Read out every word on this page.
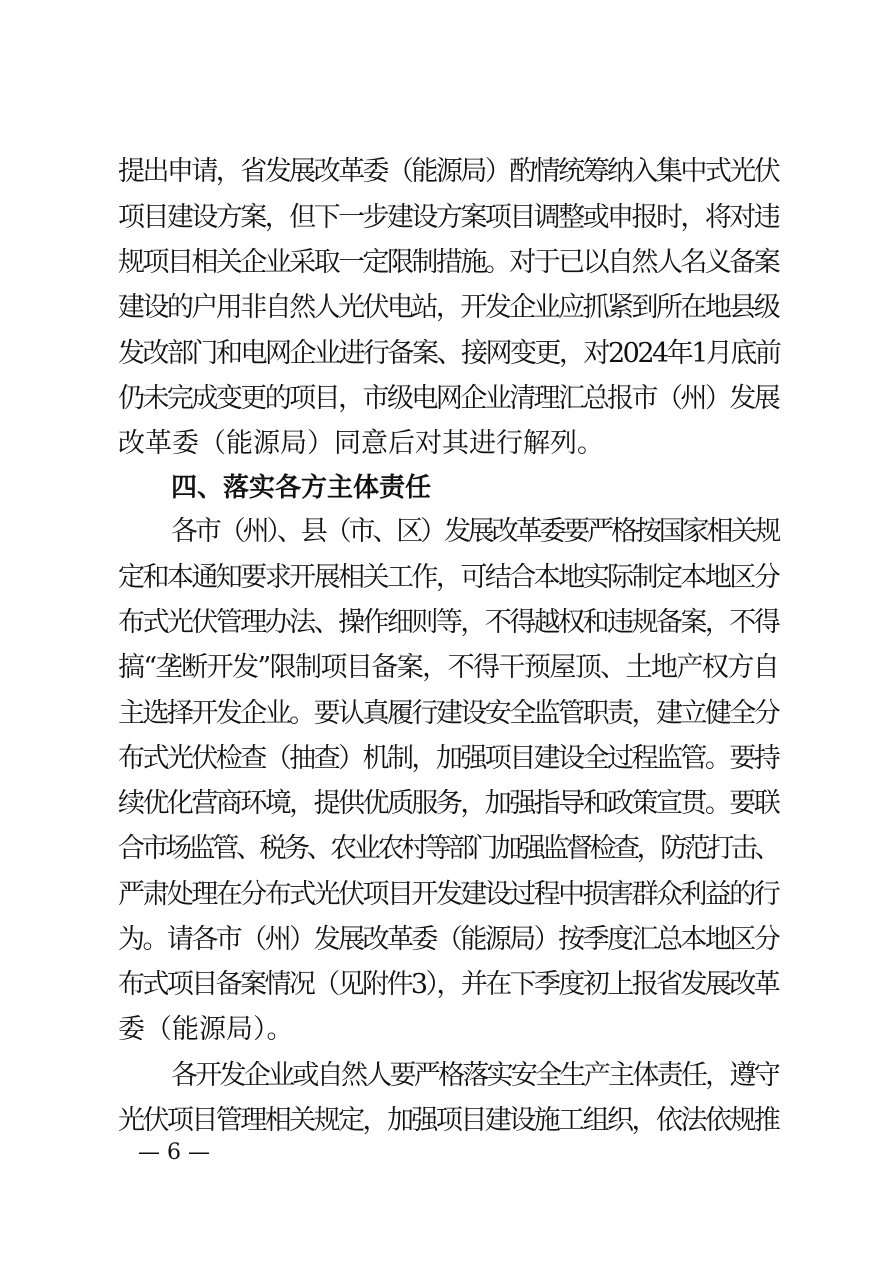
提出申请，省发展改革委（能源局）酌情统筹纳入集中式光伏
项目建设方案，但下一步建设方案项目调整或申报时，将对违
规项目相关企业采取一定限制措施。对于已以自然人名义备案
建设的户用非自然人光伏电站，开发企业应抓紧到所在地县级
发改部门和电网企业进行备案、接网变更，对2024年1月底前
仍未完成变更的项目，市级电网企业清理汇总报市（州）发展
改革委（能源局）同意后对其进行解列。
四、落实各方主体责任
各市（州）、县（市、区）发展改革委要严格按国家相关规
定和本通知要求开展相关工作，可结合本地实际制定本地区分
布式光伏管理办法、操作细则等，不得越权和违规备案，不得
搞“垄断开发”限制项目备案，不得干预屋顶、土地产权方自
主选择开发企业。要认真履行建设安全监管职责，建立健全分
布式光伏检查（抽查）机制，加强项目建设全过程监管。要持
续优化营商环境，提供优质服务，加强指导和政策宣贯。要联
合市场监管、税务、农业农村等部门加强监督检查，防范打击、
严肃处理在分布式光伏项目开发建设过程中损害群众利益的行
为。请各市（州）发展改革委（能源局）按季度汇总本地区分
布式项目备案情况（见附件3），并在下季度初上报省发展改革
委（能源局）。
各开发企业或自然人要严格落实安全生产主体责任，遵守
光伏项目管理相关规定，加强项目建设施工组织，依法依规推
— 6 —
